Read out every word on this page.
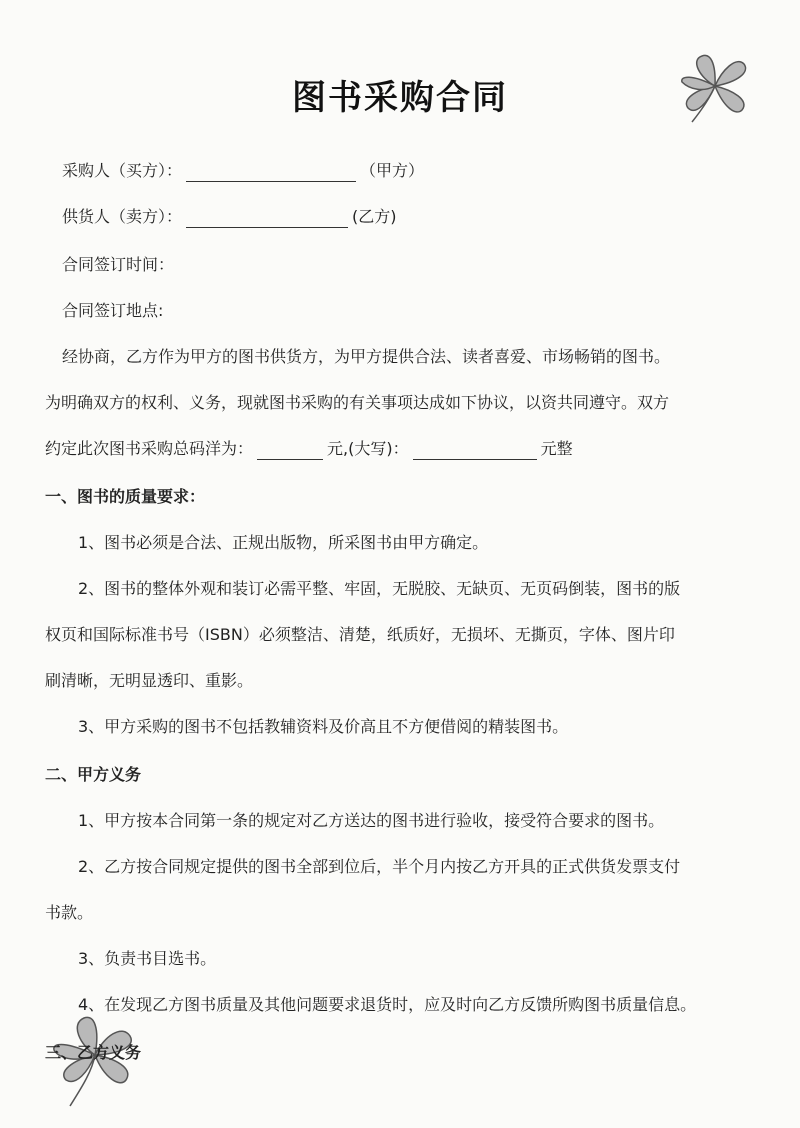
图书采购合同
采购人（买方）：	（甲方）
供货人（卖方）：	(乙方)
合同签订时间：
合同签订地点:
经协商，乙方作为甲方的图书供货方，为甲方提供合法、读者喜爱、市场畅销的图书。
为明确双方的权利、义务，现就图书采购的有关事项达成如下协议，以资共同遵守。双方
约定此次图书采购总码洋为：	元,(大写)：	元整
一、图书的质量要求：
1、图书必须是合法、正规出版物，所采图书由甲方确定。
2、图书的整体外观和装订必需平整、牢固，无脱胶、无缺页、无页码倒装，图书的版
权页和国际标准书号（ISBN）必须整洁、清楚，纸质好，无损坏、无撕页，字体、图片印
刷清晰，无明显透印、重影。
3、甲方采购的图书不包括教辅资料及价高且不方便借阅的精装图书。
二、甲方义务
1、甲方按本合同第一条的规定对乙方送达的图书进行验收，接受符合要求的图书。
2、乙方按合同规定提供的图书全部到位后，半个月内按乙方开具的正式供货发票支付
书款。
3、负责书目选书。
4、在发现乙方图书质量及其他问题要求退货时，应及时向乙方反馈所购图书质量信息。
三、乙方义务
